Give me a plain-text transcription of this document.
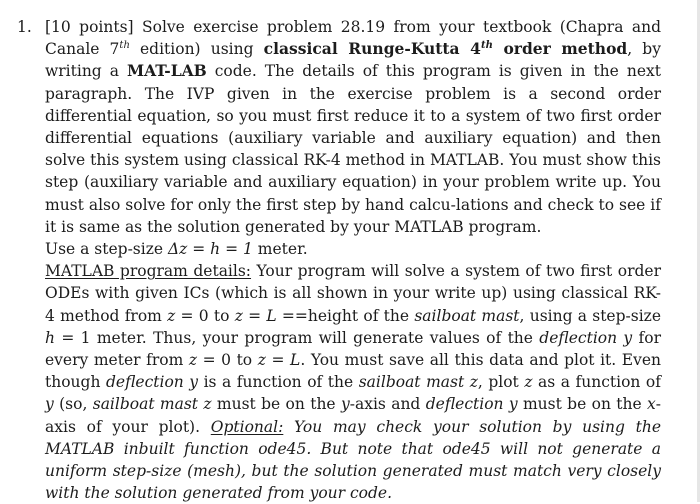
1. [10 points] Solve exercise problem 28.19 from your textbook (Chapra and Canale 7th edition) using classical Runge-Kutta 4th order method, by writing a MAT-LAB code. The details of this program is given in the next paragraph. The IVP given in the exercise problem is a second order differential equation, so you must first reduce it to a system of two first order differential equations (auxiliary variable and auxiliary equation) and then solve this system using classical RK-4 method in MATLAB. You must show this step (auxiliary variable and auxiliary equation) in your problem write up. You must also solve for only the first step by hand calcu-lations and check to see if it is same as the solution generated by your MATLAB program.

Use a step-size Δz = h = 1 meter.

MATLAB program details: Your program will solve a system of two first order ODEs with given ICs (which is all shown in your write up) using classical RK-4 method from z = 0 to z = L ==height of the sailboat mast, using a step-size h = 1 meter. Thus, your program will generate values of the deflection y for every meter from z = 0 to z = L. You must save all this data and plot it. Even though deflection y is a function of the sailboat mast z, plot z as a function of y (so, sailboat mast z must be on the y-axis and deflection y must be on the x-axis of your plot). Optional: You may check your solution by using the MATLAB inbuilt function ode45. But note that ode45 will not generate a uniform step-size (mesh), but the solution generated must match very closely with the solution generated from your code.
